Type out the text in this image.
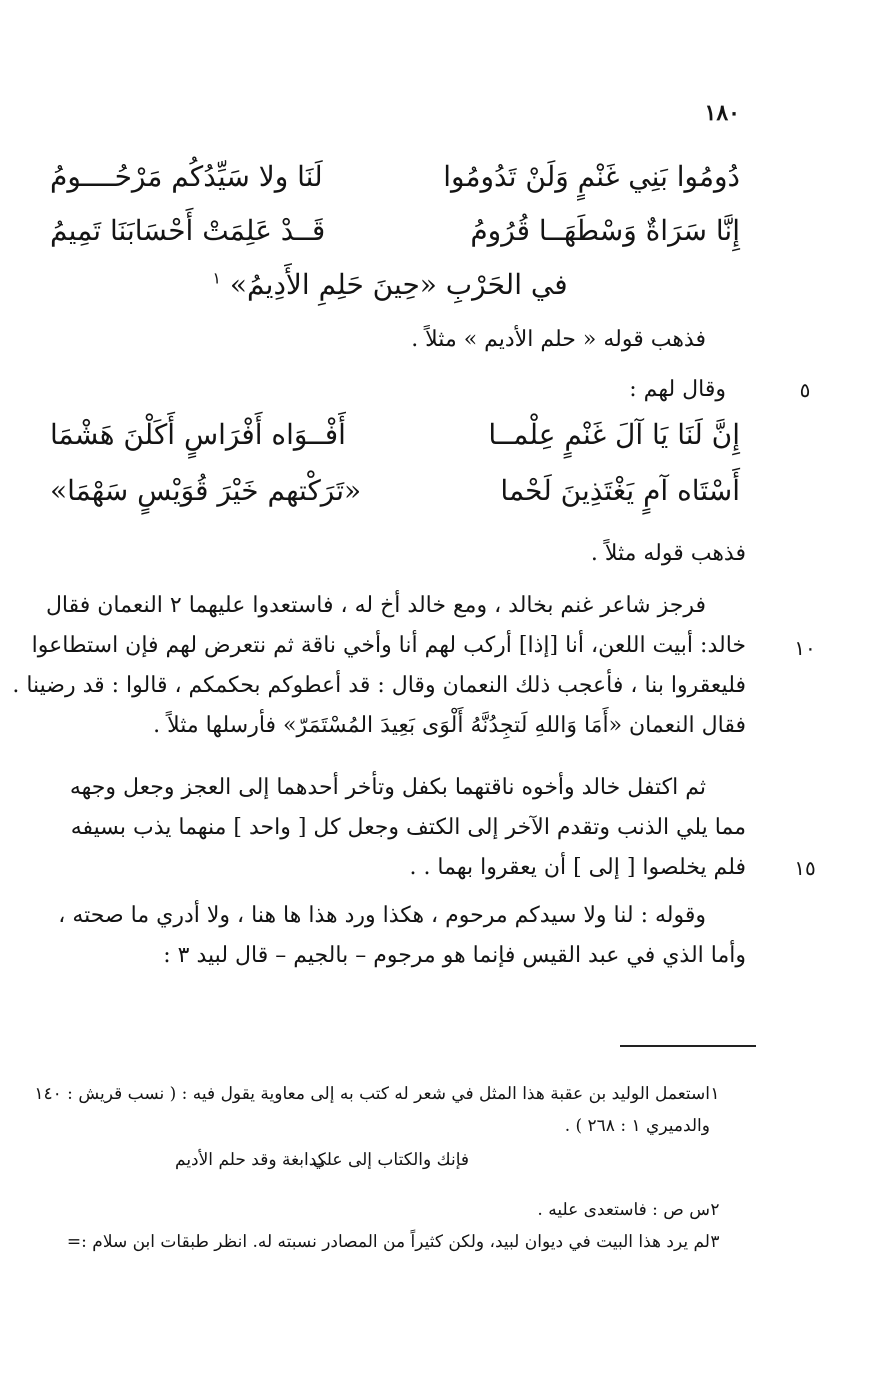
١٨٠
دُومُوا بَنِي غَنْمٍ وَلَنْ تَدُومُوا
لَنَا ولا سَيِّدُكُم مَرْحُــــومُ
إِنَّا سَرَاةٌ وَسْطَهَــا قُرُومُ
قَــدْ عَلِمَتْ أَحْسَابَنَا تَمِيمُ
في الحَرْبِ «حِينَ حَلِمِ الأَدِيمُ» $^١$
فذهب قوله « حلم الأديم » مثلاً .
وقال لهم :	٥
إِنَّ لَنَا يَا آلَ غَنْمٍ عِلْمــا
أَفْــوَاه أَفْرَاسٍ أَكَلْنَ هَشْمَا
أَسْتَاه آمٍ يَغْتَذِينَ لَحْما
«تَرَكْتهم خَيْرَ قُوَيْسٍ سَهْمَا»
فذهب قوله مثلاً .
فرجز شاعر غنم بخالد ، ومع خالد أخ له ، فاستعدوا عليهما ٢ النعمان فقال
خالد: أبيت اللعن، أنا [إذا] أركب لهم أنا وأخي ناقة ثم نتعرض لهم فإن استطاعوا
فليعقروا بنا ، فأعجب ذلك النعمان وقال : قد أعطوكم بحكمكم ، قالوا : قد رضينا .
فقال النعمان «أَمَا وَاللهِ لَتجِدُنَّهُ أَلْوَى بَعِيدَ المُسْتَمَرّ» فأرسلها مثلاً .
١٠
ثم اكتفل خالد وأخوه ناقتهما بكفل وتأخر أحدهما إلى العجز وجعل وجهه
مما يلي الذنب وتقدم الآخر إلى الكتف وجعل كل [ واحد ] منهما يذب بسيفه
فلم يخلصوا [ إلى ] أن يعقروا بهما . . ١٥
وقوله : لنا ولا سيدكم مرحوم ، هكذا ورد هذا ها هنا ، ولا أدري ما صحته ،
وأما الذي في عبد القيس فإنما هو مرجوم – بالجيم – قال لبيد ٣ :
١
استعمل الوليد بن عقبة هذا المثل في شعر له كتب به إلى معاوية يقول فيه : ( نسب قريش : ١٤٠
والدميري ١ : ٢٦٨ ) .
فإنك والكتاب إلى علي
كدابغة وقد حلم الأديم
٢
س ص : فاستعدى عليه .
٣
لم يرد هذا البيت في ديوان لبيد، ولكن كثيراً من المصادر نسبته له. انظر طبقات ابن سلام :=
